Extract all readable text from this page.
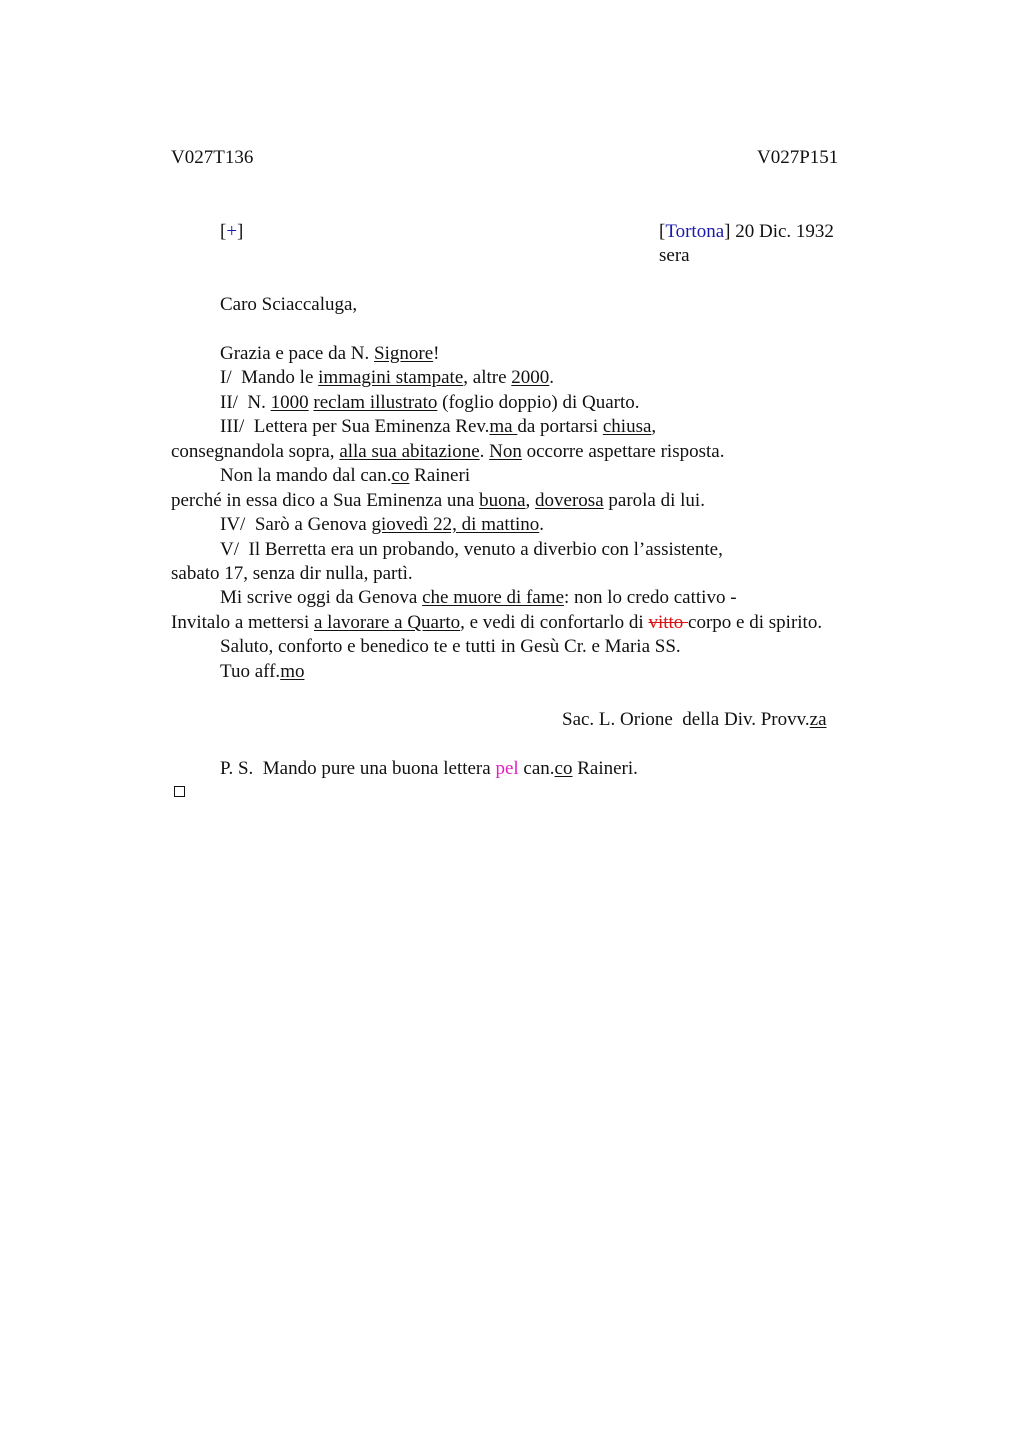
V027T136	V027P151
[+]	[Tortona] 20 Dic. 1932
sera
Caro Sciaccaluga,
Grazia e pace da N. Signore!
I/  Mando le immagini stampate, altre 2000.
II/  N. 1000 reclam illustrato (foglio doppio) di Quarto.
III/  Lettera per Sua Eminenza Rev.ma da portarsi chiusa,
consegnandola sopra, alla sua abitazione. Non occorre aspettare risposta.
Non la mando dal can.co Raineri
perché in essa dico a Sua Eminenza una buona, doverosa parola di lui.
IV/  Sarò a Genova giovedì 22, di mattino.
V/  Il Berretta era un probando, venuto a diverbio con l’assistente,
sabato 17, senza dir nulla, partì.
Mi scrive oggi da Genova che muore di fame: non lo credo cattivo -
Invitalo a mettersi a lavorare a Quarto, e vedi di confortarlo di vitto corpo e di spirito.
Saluto, conforto e benedico te e tutti in Gesù Cr. e Maria SS.
Tuo aff.mo
Sac. L. Orione  della Div. Provv.za
P. S.  Mando pure una buona lettera pel can.co Raineri.
